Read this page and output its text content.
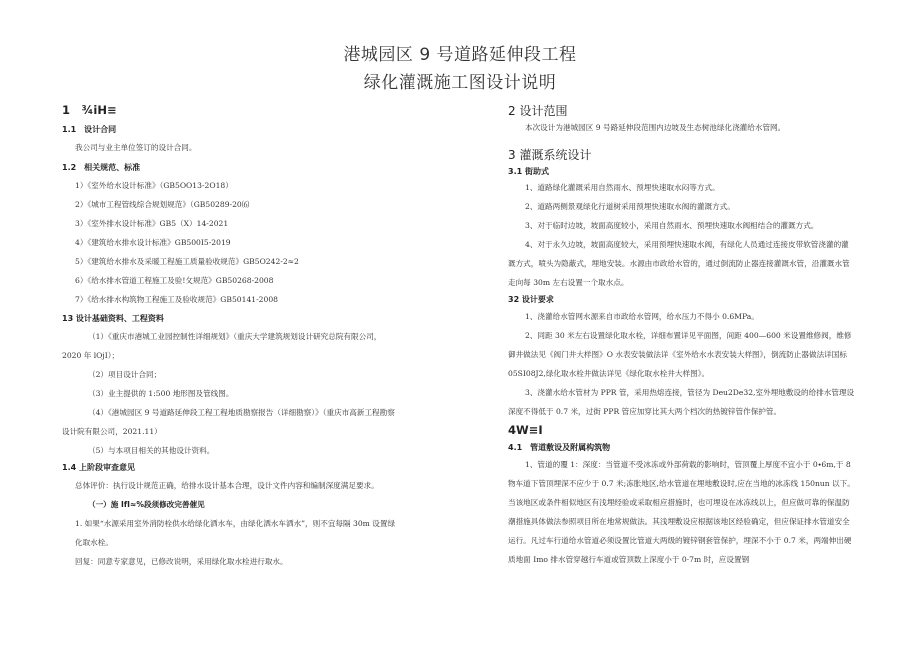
港城园区 9 号道路延伸段工程
绿化灌溉施工图设计说明
1　¾iH≡
1.1　设计合同
我公司与业主单位签订的设计合同。
1.2　相关规范、标准
1）《室外给水设计标准》（GB5OO13-2O18）
2）《城市工程管线综合规划规范》（GB50289-20⑹
3）《室外排水设计标准》GB5（X）14-2021
4）《建筑给水排水设计标准》GB500I5-2019
5）《建筑给水排水及采暖工程施工质量验收规范》GB5O242-2≈2
6）《给水排水管道工程施工及验!攵规范》GB50268-2008
7）《给水排水构筑物工程施工及验收规范》GB50141-2008
13 设计基础资料、工程资料
（1）《重庆市港城工业园控制性详细规划》（重庆大学建筑规划设计研究总院有限公司，
2020 年 lOjI）；
（2）项目设计合同；
（3）业主提供的 1:500 地形图及管线图。
（4）《港城园区 9 号道路延伸段工程工程地质勘察报告（详细勘察）》（重庆市高新工程勘察
设计院有限公司，2021.11）
（5）与本项目相关的其他设计资料。
1.4 上阶段审查意见
总体评价：执行设计规范正确，给排水设计基本合理，设计文件内容和编制深度满足要求。
（一）施 IfI≈%段须修改完善催见
1. 如果“水源采用室外消防栓供水给绿化洒水车，由绿化洒水车洒水”，则不宜每隔 30m 设置绿
化取水栓。
回复：同意专家意见，已修改说明，采用绿化取水栓进行取水。
2 设计范围
本次设计为港城园区 9 号路延伸段范围内边坡及生态树池绿化浇灌给水管网。
3 灌溉系统设计
3.1 街助式
1、道路绿化灌溉采用自然雨水、预埋快速取水闷等方式。
2、道路两侧景观绿化行道树采用预埋快速取水阀的灌溉方式。
3、对于临时边坡，坡面高度较小，采用自然雨水、预埋快速取水阀相结合的灌溉方式。
4、对于永久边坡，坡面高度较大，采用预埋快速取水阀，有绿化人员通过连接皮带软管浇灌的灌
溉方式，喷头为隐蔽式，埋地安装。水源由市政给水管的，通过倒流防止器连接灌溉水管，沿灌溉水管
走向每 30m 左右设置一个取水点。
32 设计要求
1、浇灌给水管网水源来自市政给水管网，给水压力不得小 0.6MPa。
2、同距 30 米左右设置绿化取水栓，详细布置详见平面图，间距 400—600 米设置维修阀，维修
御井做法见《阀门井大样图》O 水表安装做法详《室外给水水表安装大样图》，倒流防止器做法详国标
05SI08J2,绿化取水栓井做法详见《绿化取水栓井大样图》。
3、浇灌水给水管材为 PPR 管，采用热熔连接，管径为 Deu2De32,室外埋地敷设的给排水管理设
深度不得低于 0.7 米，过街 PPR 管应加穿比其大两个档次的热镀锌管作保护管。
4W≡I
4.1　管道敷设及附属构筑物
1、管道的覆 1：深度：当管道不受冰冻或外部荷载的影响时，管顶覆上厚度不宜小于 0∙6m,于 8
物车道下管顶埋深不应少于 0.7 米;冻胀地区,给水管道在埋地敷设时,应在当地的冰冻线 150nun 以下。
当该地区或条件相似地区有浅埋经验或采取相应措施时，也可埋设在冰冻线以上，但应做可靠的保温防
潮措施具体做法参照项目所在地常规做法。其浅埋敷设应根据该地区经验确定，但应保证排水管道安全
运行。凡过车行道给水管道必须设置比管道大两级的镀锌钢套管保护，埋深不小于 0.7 米，两端伸出硬
质地面 Imo 排水管穿越行车道或管顶数上深度小于 0·7m 时，应设置钢
